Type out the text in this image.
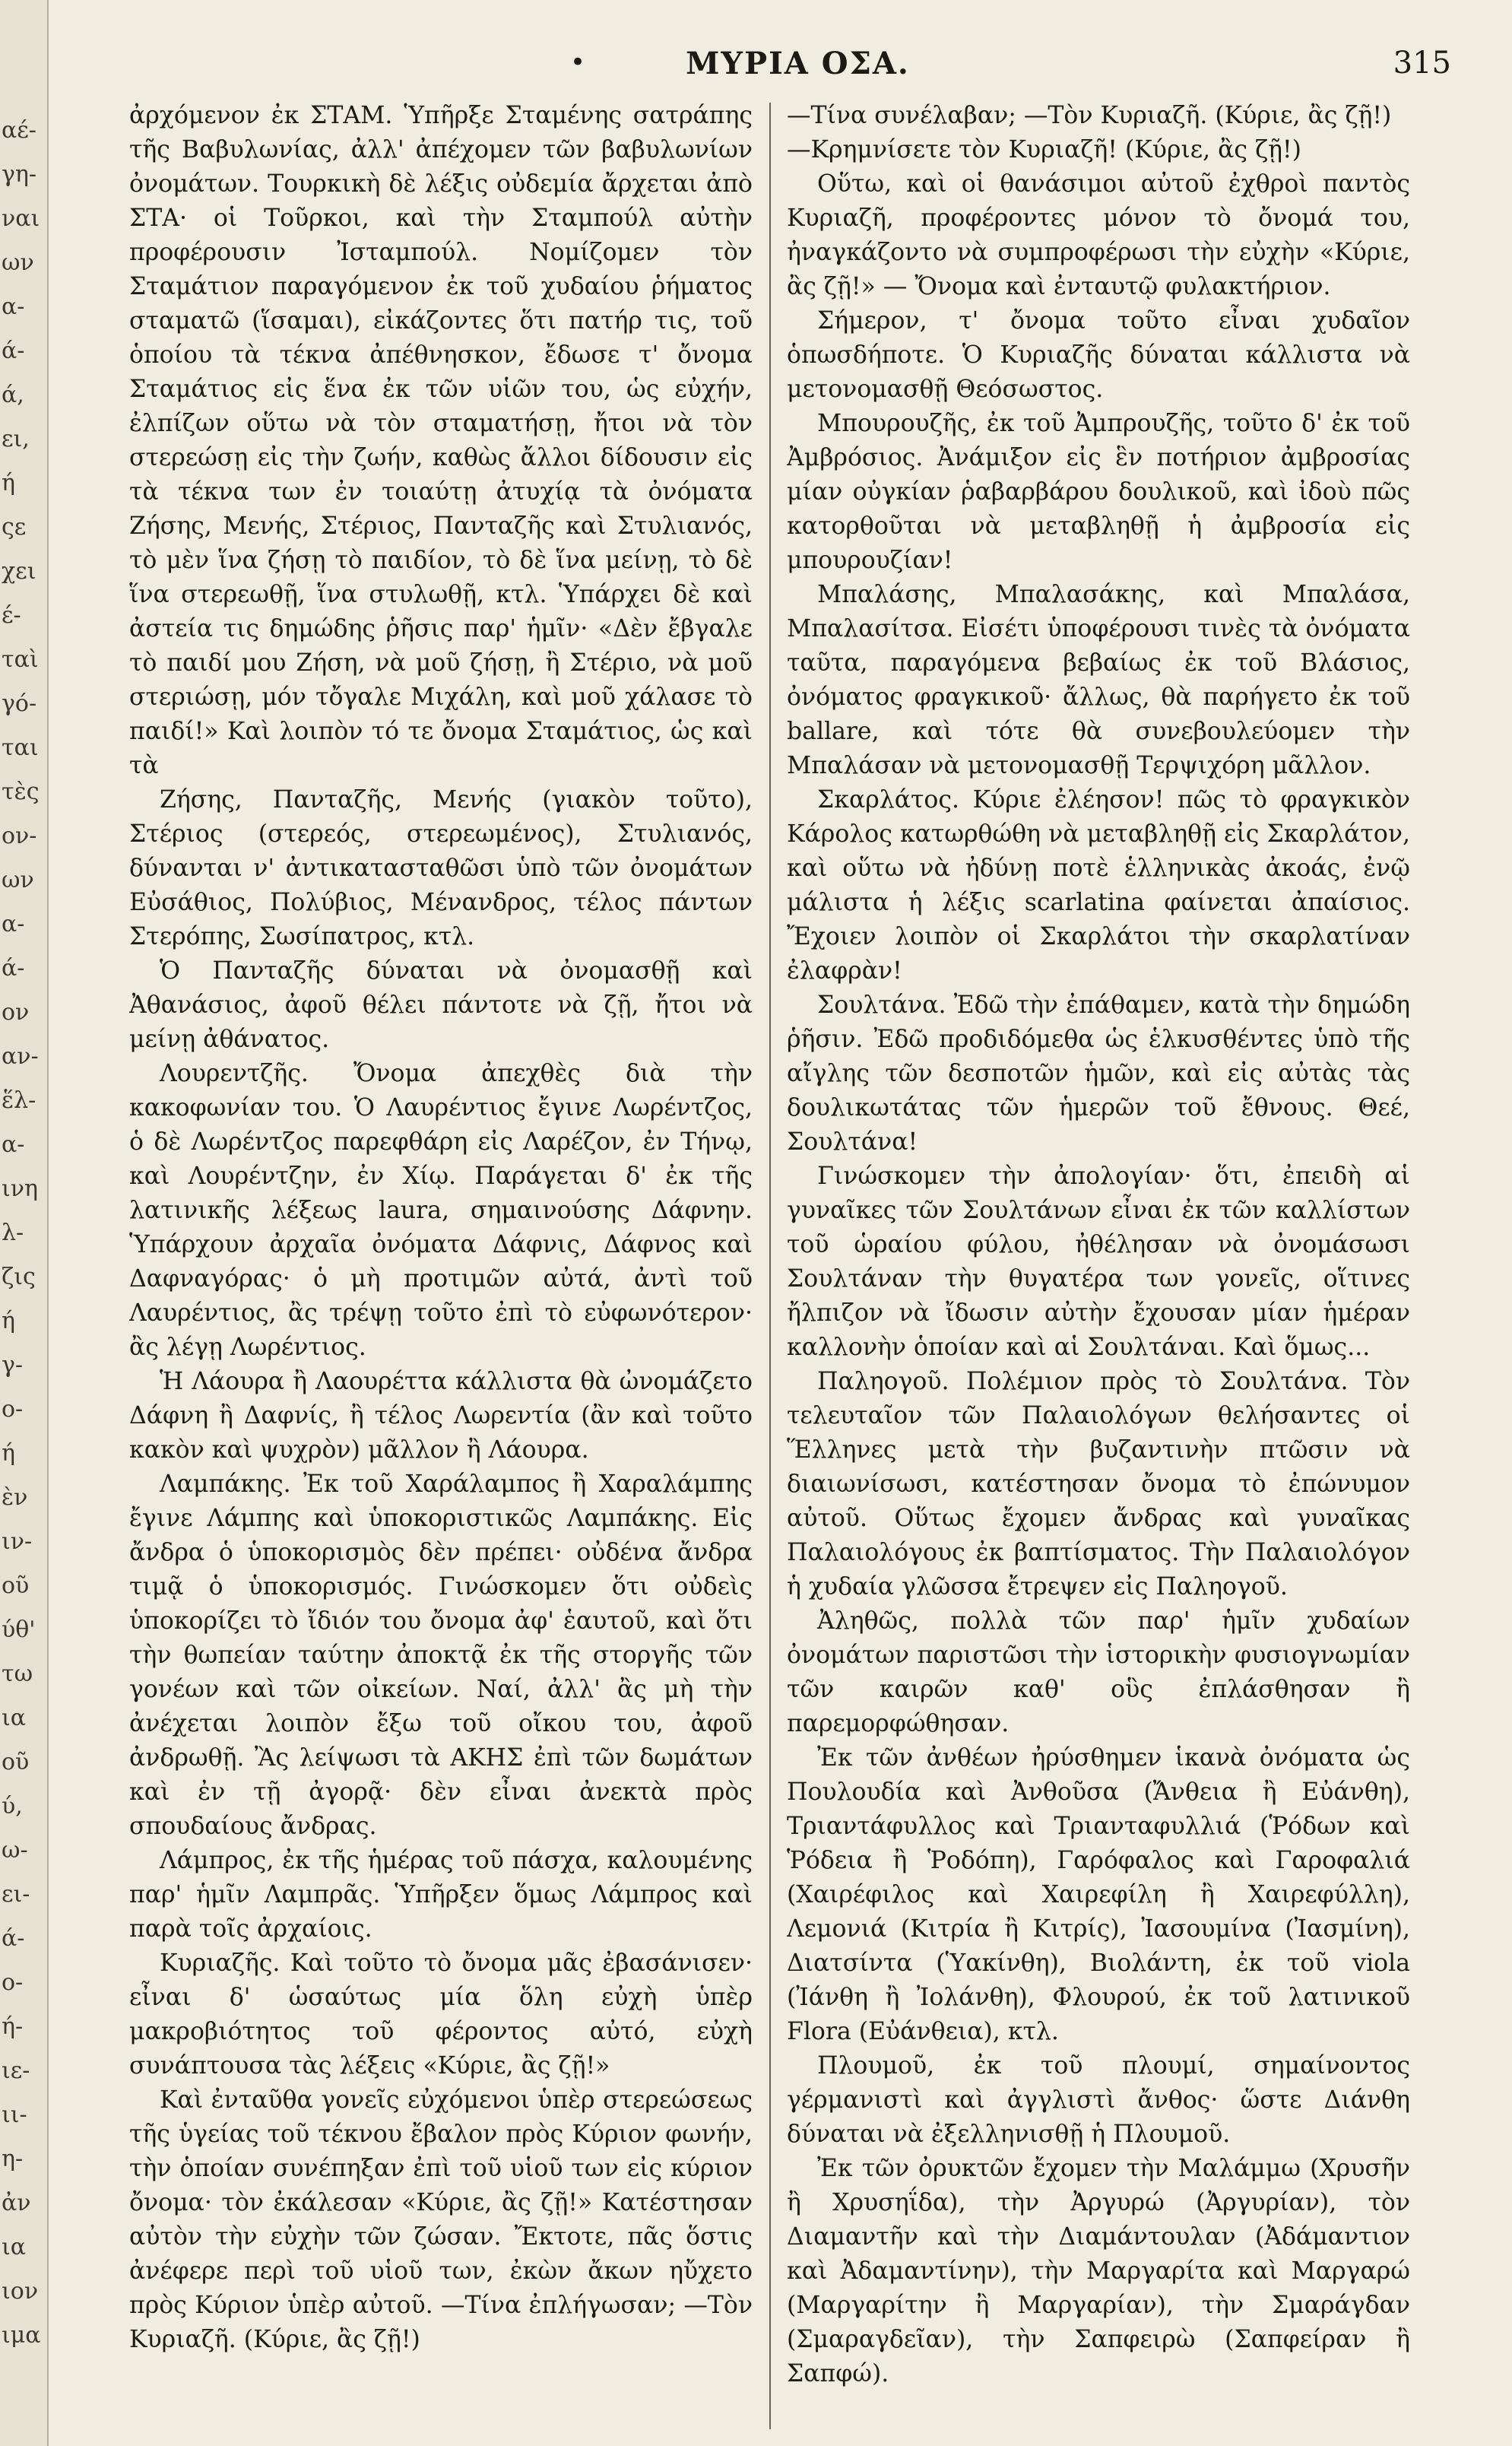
αέ-
γη-
ναι
ων
α-
ά-
ά,
ει,
ή
ςε
χει
έ-
ταὶ
γό-
ται
τὲς
ον-
ων
α-
ά-
ον
αν-
ἕλ-
α-
ινη
λ-
ζις
ή
γ-
ο-
ή
ὲν
ιν-
οῦ
ύθ'
τω
ια
οῦ
ύ,
ω-
ει-
ά-
ο-
ή-
ιε-
ιι-
η-
ἀν
ια
ιον
ιμα
•	ΜΥΡΙΑ ΟΣΑ.	315

ἀρχόμενον ἐκ ΣΤΑΜ. Ὑπῆρξε Σταμένης σατράπης τῆς Βαβυλωνίας, ἀλλ' ἀπέχομεν τῶν βαβυλωνίων ὀνομάτων. Τουρκικὴ δὲ λέξις οὐδεμία ἄρχεται ἀπὸ ΣΤΑ· οἱ Τοῦρκοι, καὶ τὴν Σταμπούλ αὐτὴν προφέρουσιν Ἰσταμπούλ. Νομίζομεν τὸν Σταμάτιον παραγόμενον ἐκ τοῦ χυδαίου ῥήματος σταματῶ (ἵσαμαι), εἰκάζοντες ὅτι πατήρ τις, τοῦ ὁποίου τὰ τέκνα ἀπέθνησκον, ἔδωσε τ' ὄνομα Σταμάτιος εἰς ἕνα ἐκ τῶν υἱῶν του, ὡς εὐχήν, ἐλπίζων οὕτω νὰ τὸν σταματήσῃ, ἤτοι νὰ τὸν στερεώσῃ εἰς τὴν ζωήν, καθὼς ἄλλοι δίδουσιν εἰς τὰ τέκνα των ἐν τοιαύτῃ ἀτυχίᾳ τὰ ὀνόματα Ζήσης, Μενής, Στέριος, Πανταζῆς καὶ Στυλιανός, τὸ μὲν ἵνα ζήσῃ τὸ παιδίον, τὸ δὲ ἵνα μείνῃ, τὸ δὲ ἵνα στερεωθῇ, ἵνα στυλωθῇ, κτλ. Ὑπάρχει δὲ καὶ ἀστεία τις δημώδης ῥῆσις παρ' ἡμῖν· «Δὲν ἔβγαλε τὸ παιδί μου Ζήση, νὰ μοῦ ζήσῃ, ἢ Στέριο, νὰ μοῦ στεριώσῃ, μόν τὄγαλε Μιχάλη, καὶ μοῦ χάλασε τὸ παιδί!» Καὶ λοιπὸν τό τε ὄνομα Σταμάτιος, ὡς καὶ τὰ

Ζήσης, Πανταζῆς, Μενής (γιακὸν τοῦτο), Στέριος (στερεός, στερεωμένος), Στυλιανός, δύνανται ν' ἀντικατασταθῶσι ὑπὸ τῶν ὀνομάτων Εὐσάθιος, Πολύβιος, Μένανδρος, τέλος πάντων Στερόπης, Σωσίπατρος, κτλ.

Ὁ Πανταζῆς δύναται νὰ ὀνομασθῇ καὶ Ἀθανάσιος, ἀφοῦ θέλει πάντοτε νὰ ζῇ, ἤτοι νὰ μείνῃ ἀθάνατος.

Λουρεντζῆς. Ὄνομα ἀπεχθὲς διὰ τὴν κακοφωνίαν του. Ὁ Λαυρέντιος ἔγινε Λωρέντζος, ὁ δὲ Λωρέντζος παρεφθάρη εἰς Λαρέζον, ἐν Τήνῳ, καὶ Λουρέντζην, ἐν Χίῳ. Παράγεται δ' ἐκ τῆς λατινικῆς λέξεως laura, σημαινούσης Δάφνην. Ὑπάρχουν ἀρχαῖα ὀνόματα Δάφνις, Δάφνος καὶ Δαφναγόρας· ὁ μὴ προτιμῶν αὐτά, ἀντὶ τοῦ Λαυρέντιος, ἂς τρέψῃ τοῦτο ἐπὶ τὸ εὐφωνότερον· ἂς λέγῃ Λωρέντιος.

Ἡ Λάουρα ἢ Λαουρέττα κάλλιστα θὰ ὠνομάζετο Δάφνη ἢ Δαφνίς, ἢ τέλος Λωρεντία (ἂν καὶ τοῦτο κακὸν καὶ ψυχρὸν) μᾶλλον ἢ Λάουρα.

Λαμπάκης. Ἐκ τοῦ Χαράλαμπος ἢ Χαραλάμπης ἔγινε Λάμπης καὶ ὑποκοριστικῶς Λαμπάκης. Εἰς ἄνδρα ὁ ὑποκορισμὸς δὲν πρέπει· οὐδένα ἄνδρα τιμᾷ ὁ ὑποκορισμός. Γινώσκομεν ὅτι οὐδεὶς ὑποκορίζει τὸ ἴδιόν του ὄνομα ἀφ' ἑαυτοῦ, καὶ ὅτι τὴν θωπείαν ταύτην ἀποκτᾷ ἐκ τῆς στοργῆς τῶν γονέων καὶ τῶν οἰκείων. Ναί, ἀλλ' ἂς μὴ τὴν ἀνέχεται λοιπὸν ἔξω τοῦ οἴκου του, ἀφοῦ ἀνδρωθῇ. Ἂς λείψωσι τὰ ΑΚΗΣ ἐπὶ τῶν δωμάτων καὶ ἐν τῇ ἀγορᾷ· δὲν εἶναι ἀνεκτὰ πρὸς σπουδαίους ἄνδρας.

Λάμπρος, ἐκ τῆς ἡμέρας τοῦ πάσχα, καλουμένης παρ' ἡμῖν Λαμπρᾶς. Ὑπῆρξεν ὅμως Λάμπρος καὶ παρὰ τοῖς ἀρχαίοις.

Κυριαζῆς. Καὶ τοῦτο τὸ ὄνομα μᾶς ἐβασάνισεν· εἶναι δ' ὡσαύτως μία ὅλη εὐχὴ ὑπὲρ μακροβιότητος τοῦ φέροντος αὐτό, εὐχὴ συνάπτουσα τὰς λέξεις «Κύριε, ἂς ζῇ!»

Καὶ ἐνταῦθα γονεῖς εὐχόμενοι ὑπὲρ στερεώσεως τῆς ὑγείας τοῦ τέκνου ἔβαλον πρὸς Κύριον φωνήν, τὴν ὁποίαν συνέπηξαν ἐπὶ τοῦ υἱοῦ των εἰς κύριον ὄνομα· τὸν ἐκάλεσαν «Κύριε, ἂς ζῇ!» Κατέστησαν αὐτὸν τὴν εὐχὴν τῶν ζώσαν. Ἔκτοτε, πᾶς ὅστις ἀνέφερε περὶ τοῦ υἱοῦ των, ἐκὼν ἄκων ηὔχετο πρὸς Κύριον ὑπὲρ αὐτοῦ. —Τίνα ἐπλήγωσαν; —Τὸν Κυριαζῆ. (Κύριε, ἂς ζῇ!)

—Τίνα συνέλαβαν; —Τὸν Κυριαζῆ. (Κύριε, ἂς ζῇ!)

—Κρημνίσετε τὸν Κυριαζῆ! (Κύριε, ἂς ζῇ!)

Οὕτω, καὶ οἱ θανάσιμοι αὐτοῦ ἐχθροὶ παντὸς Κυριαζῆ, προφέροντες μόνον τὸ ὄνομά του, ἠναγκάζοντο νὰ συμπροφέρωσι τὴν εὐχὴν «Κύριε, ἂς ζῇ!» — Ὄνομα καὶ ἐνταυτῷ φυλακτήριον.

Σήμερον, τ' ὄνομα τοῦτο εἶναι χυδαῖον ὁπωσδήποτε. Ὁ Κυριαζῆς δύναται κάλλιστα νὰ μετονομασθῇ Θεόσωστος.

Μπουρουζῆς, ἐκ τοῦ Ἀμπρουζῆς, τοῦτο δ' ἐκ τοῦ Ἀμβρόσιος. Ἀνάμιξον εἰς ἓν ποτήριον ἀμβροσίας μίαν οὐγκίαν ῥαβαρβάρου δουλικοῦ, καὶ ἰδοὺ πῶς κατορθοῦται νὰ μεταβληθῇ ἡ ἀμβροσία εἰς μπουρουζίαν!

Μπαλάσης, Μπαλασάκης, καὶ Μπαλάσα, Μπαλασίτσα. Εἰσέτι ὑποφέρουσι τινὲς τὰ ὀνόματα ταῦτα, παραγόμενα βεβαίως ἐκ τοῦ Βλάσιος, ὀνόματος φραγκικοῦ· ἄλλως, θὰ παρήγετο ἐκ τοῦ ballare, καὶ τότε θὰ συνεβουλεύομεν τὴν Μπαλάσαν νὰ μετονομασθῇ Τερψιχόρη μᾶλλον.

Σκαρλάτος. Κύριε ἐλέησον! πῶς τὸ φραγκικὸν Κάρολος κατωρθώθη νὰ μεταβληθῇ εἰς Σκαρλάτον, καὶ οὕτω νὰ ἠδύνῃ ποτὲ ἑλληνικὰς ἀκοάς, ἐνῷ μάλιστα ἡ λέξις scarlatina φαίνεται ἀπαίσιος. Ἔχοιεν λοιπὸν οἱ Σκαρλάτοι τὴν σκαρλατίναν ἐλαφρὰν!

Σουλτάνα. Ἐδῶ τὴν ἐπάθαμεν, κατὰ τὴν δημώδη ῥῆσιν. Ἐδῶ προδιδόμεθα ὡς ἑλκυσθέντες ὑπὸ τῆς αἴγλης τῶν δεσποτῶν ἡμῶν, καὶ εἰς αὐτὰς τὰς δουλικωτάτας τῶν ἡμερῶν τοῦ ἔθνους. Θεέ, Σουλτάνα!

Γινώσκομεν τὴν ἀπολογίαν· ὅτι, ἐπειδὴ αἱ γυναῖκες τῶν Σουλτάνων εἶναι ἐκ τῶν καλλίστων τοῦ ὡραίου φύλου, ἠθέλησαν νὰ ὀνομάσωσι Σουλτάναν τὴν θυγατέρα των γονεῖς, οἵτινες ἤλπιζον νὰ ἴδωσιν αὐτὴν ἔχουσαν μίαν ἡμέραν καλλονὴν ὁποίαν καὶ αἱ Σουλτάναι. Καὶ ὅμως...

Παληογοῦ. Πολέμιον πρὸς τὸ Σουλτάνα. Τὸν τελευταῖον τῶν Παλαιολόγων θελήσαντες οἱ Ἕλληνες μετὰ τὴν βυζαντινὴν πτῶσιν νὰ διαιωνίσωσι, κατέστησαν ὄνομα τὸ ἐπώνυμον αὐτοῦ. Οὕτως ἔχομεν ἄνδρας καὶ γυναῖκας Παλαιολόγους ἐκ βαπτίσματος. Τὴν Παλαιολόγον ἡ χυδαία γλῶσσα ἔτρεψεν εἰς Παληογοῦ.

Ἀληθῶς, πολλὰ τῶν παρ' ἡμῖν χυδαίων ὀνομάτων παριστῶσι τὴν ἱστορικὴν φυσιογνωμίαν τῶν καιρῶν καθ' οὓς ἐπλάσθησαν ἢ παρεμορφώθησαν.

Ἐκ τῶν ἀνθέων ἠρύσθημεν ἱκανὰ ὀνόματα ὡς Πουλουδία καὶ Ἀνθοῦσα (Ἄνθεια ἢ Εὐάνθη), Τριαντάφυλλος καὶ Τριανταφυλλιά (Ῥόδων καὶ Ῥόδεια ἢ Ῥοδόπη), Γαρόφαλος καὶ Γαροφαλιά (Χαιρέφιλος καὶ Χαιρεφίλη ἢ Χαιρεφύλλη), Λεμονιά (Κιτρία ἢ Κιτρίς), Ἰασουμίνα (Ἰασμίνη), Διατσίντα (Ὑακίνθη), Βιολάντη, ἐκ τοῦ viola (Ἰάνθη ἢ Ἰολάνθη), Φλουρού, ἐκ τοῦ λατινικοῦ Flora (Εὐάνθεια), κτλ.

Πλουμοῦ, ἐκ τοῦ πλουμί, σημαίνοντος γέρμανιστὶ καὶ ἀγγλιστὶ ἄνθος· ὥστε Διάνθη δύναται νὰ ἐξελληνισθῇ ἡ Πλουμοῦ.

Ἐκ τῶν ὀρυκτῶν ἔχομεν τὴν Μαλάμμω (Χρυσῆν ἢ Χρυσηΐδα), τὴν Ἀργυρώ (Ἀργυρίαν), τὸν Διαμαντῆν καὶ τὴν Διαμάντουλαν (Ἀδάμαντιον καὶ Ἀδαμαντίνην), τὴν Μαργαρίτα καὶ Μαργαρώ (Μαργαρίτην ἢ Μαργαρίαν), τὴν Σμαράγδαν (Σμαραγδεῖαν), τὴν Σαπφειρὼ (Σαπφείραν ἢ Σαπφώ).
